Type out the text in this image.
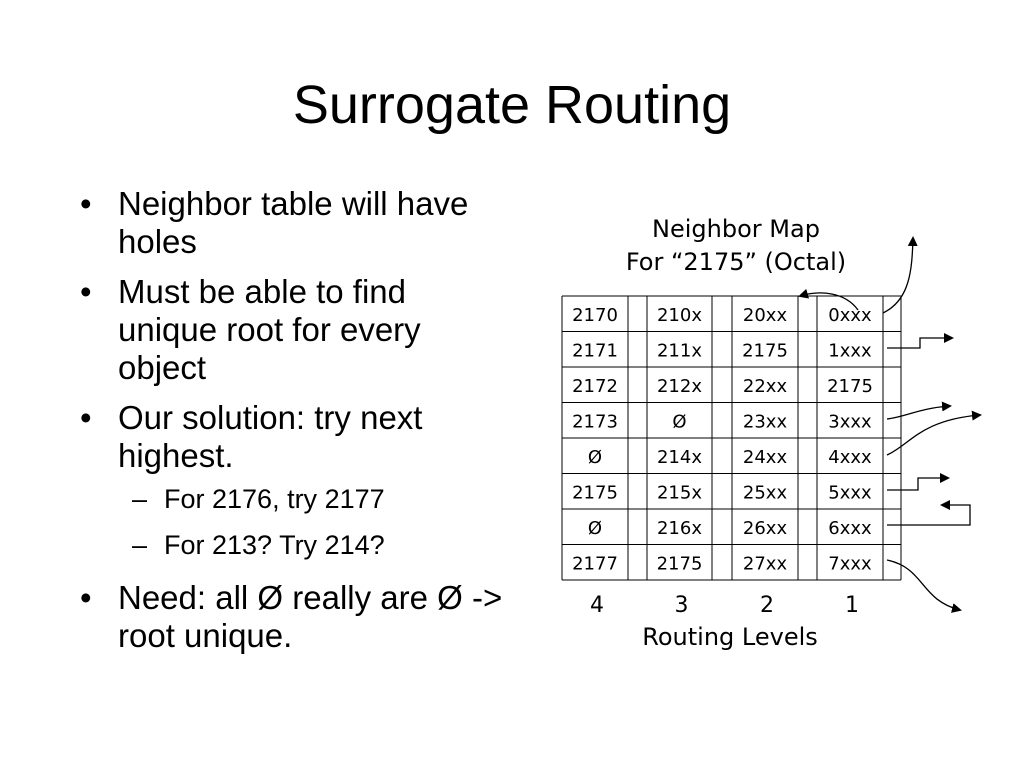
Surrogate Routing
• Neighbor table will have holes
• Must be able to find unique root for every object
• Our solution: try next highest.
– For 2176, try 2177
– For 213? Try 214?
• Need: all Ø really are Ø -> root unique.
Neighbor Map
For “2175” (Octal)
2170 210x 20xx 0xxx
2171 211x 2175 1xxx
2172 212x 22xx 2175
2173	Ø	23xx 3xxx
Ø	214x 24xx 4xxx
2175 215x 25xx 5xxx
Ø	216x 26xx 6xxx
2177 2175 27xx 7xxx
4	3	2	1
Routing Levels
